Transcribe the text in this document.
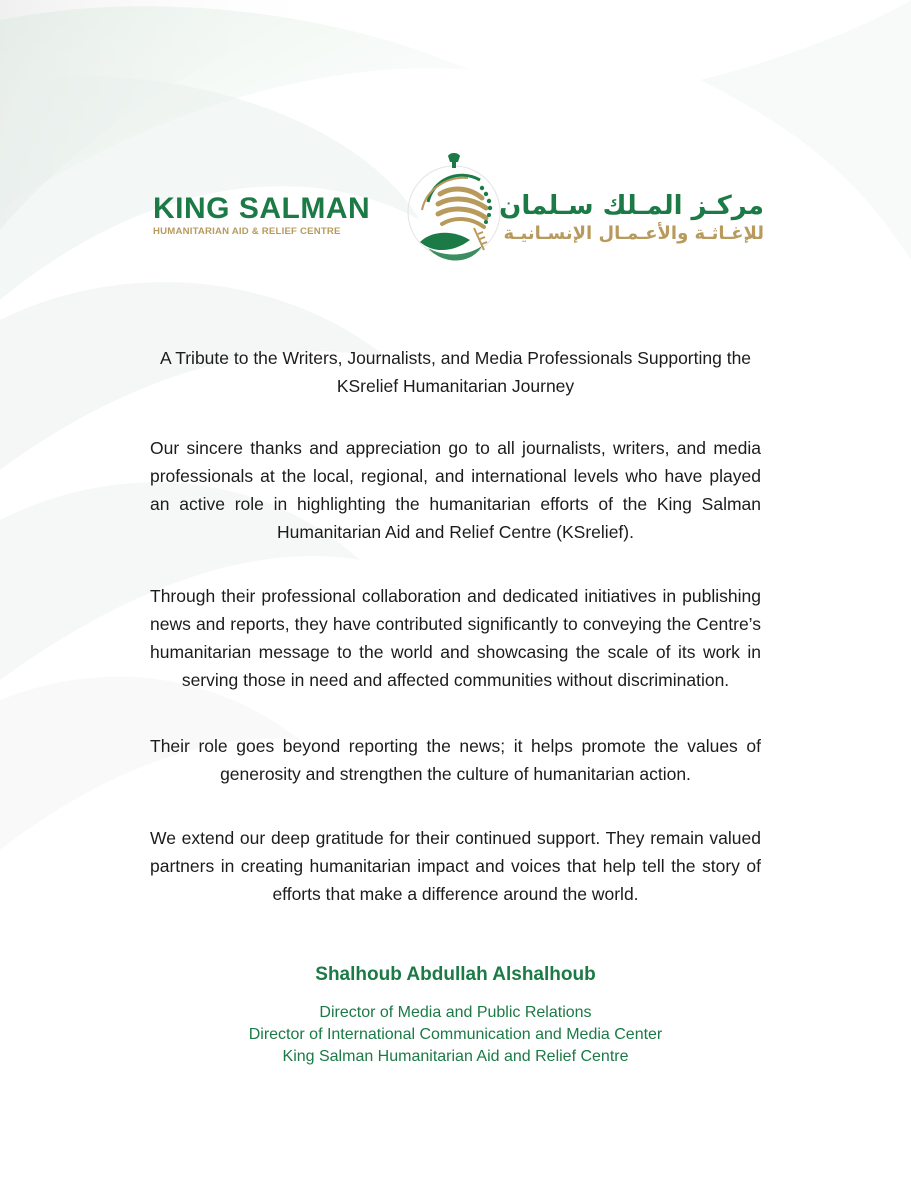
KING SALMAN
HUMANITARIAN AID & RELIEF CENTRE
مركـز المـلك سـلمان
للإغـاثـة والأعـمـال الإنسـانيـة

A Tribute to the Writers, Journalists, and Media Professionals Supporting the KSrelief Humanitarian Journey

Our sincere thanks and appreciation go to all journalists, writers, and media professionals at the local, regional, and international levels who have played an active role in highlighting the humanitarian efforts of the King Salman Humanitarian Aid and Relief Centre (KSrelief).

Through their professional collaboration and dedicated initiatives in publishing news and reports, they have contributed significantly to conveying the Centre’s humanitarian message to the world and showcasing the scale of its work in serving those in need and affected communities without discrimination.

Their role goes beyond reporting the news; it helps promote the values of generosity and strengthen the culture of humanitarian action.

We extend our deep gratitude for their continued support. They remain valued partners in creating humanitarian impact and voices that help tell the story of efforts that make a difference around the world.

Shalhoub Abdullah Alshalhoub
Director of Media and Public Relations
Director of International Communication and Media Center
King Salman Humanitarian Aid and Relief Centre
